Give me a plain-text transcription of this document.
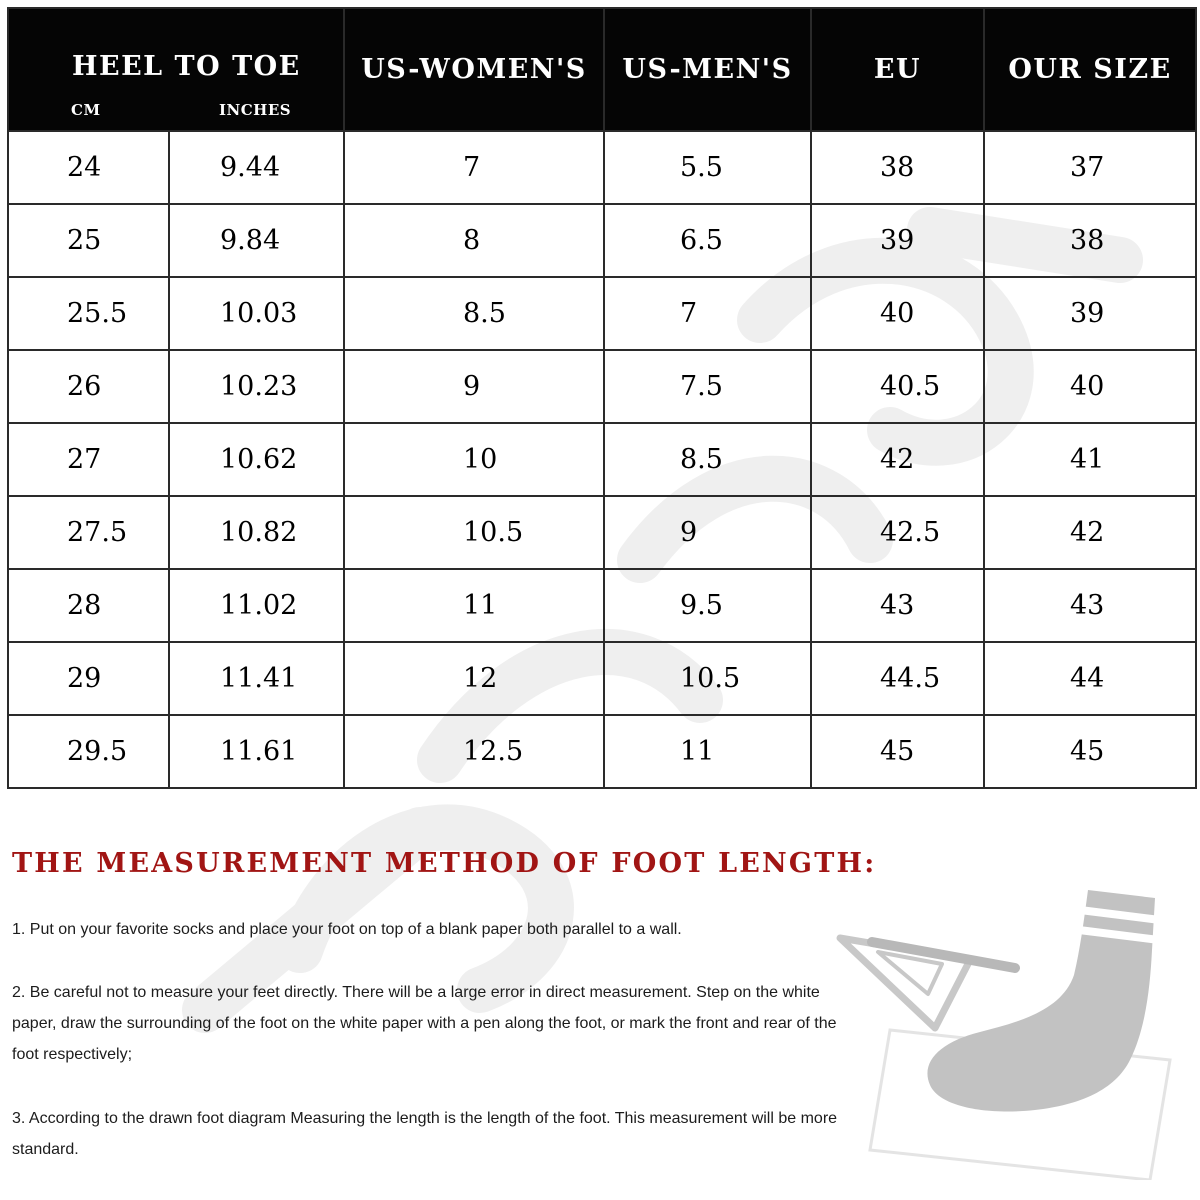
HEEL TO TOE
CM INCHES		US-WOMEN'S	US-MEN'S	EU	OUR SIZE
24	9.44	7	5.5	38	37
25	9.84	8	6.5	39	38
25.5	10.03	8.5	7	40	39
26	10.23	9	7.5	40.5	40
27	10.62	10	8.5	42	41
27.5	10.82	10.5	9	42.5	42
28	11.02	11	9.5	43	43
29	11.41	12	10.5	44.5	44
29.5	11.61	12.5	11	45	45
THE MEASUREMENT METHOD OF FOOT LENGTH:

1. Put on your favorite socks and place your foot on top of a blank paper both parallel to a wall.

2. Be careful not to measure your feet directly. There will be a large error in direct measurement. Step on the white paper, draw the surrounding of the foot on the white paper with a pen along the foot, or mark the front and rear of the foot respectively;

3. According to the drawn foot diagram Measuring the length is the length of the foot. This measurement will be more standard.
